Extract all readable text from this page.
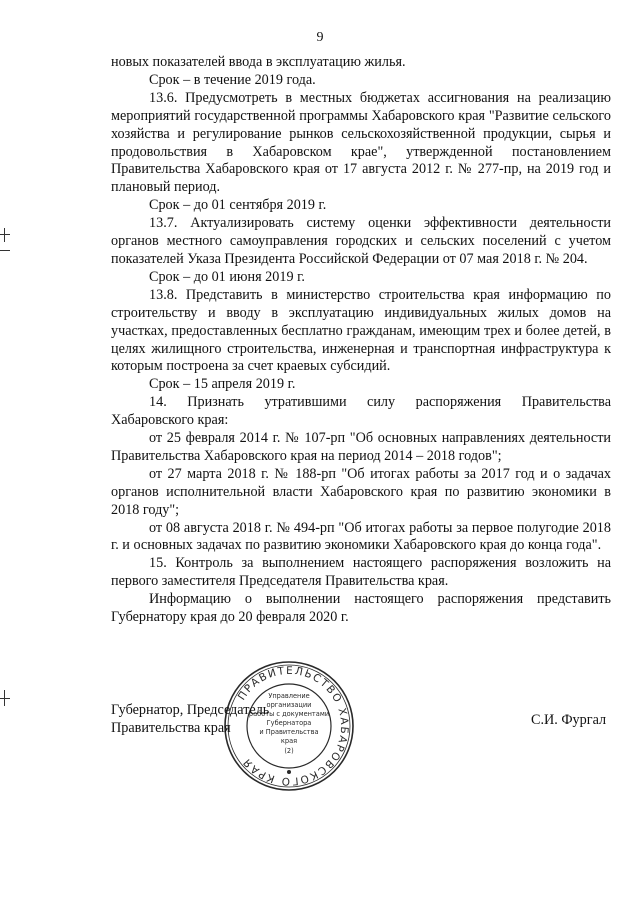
9

новых показателей ввода в эксплуатацию жилья.

Срок – в течение 2019 года.

13.6. Предусмотреть в местных бюджетах ассигнования на реализацию мероприятий государственной программы Хабаровского края "Развитие сельского хозяйства и регулирование рынков сельскохозяйственной продукции, сырья и продовольствия в Хабаровском крае", утвержденной постановлением Правительства Хабаровского края от 17 августа 2012 г. № 277-пр, на 2019 год и плановый период.

Срок – до 01 сентября 2019 г.

13.7. Актуализировать систему оценки эффективности деятельности органов местного самоуправления городских и сельских поселений с учетом показателей Указа Президента Российской Федерации от 07 мая 2018 г. № 204.

Срок – до 01 июня 2019 г.

13.8. Представить в министерство строительства края информацию по строительству и вводу в эксплуатацию индивидуальных жилых домов на участках, предоставленных бесплатно гражданам, имеющим трех и более детей, в целях жилищного строительства, инженерная и транспортная инфраструктура к которым построена за счет краевых субсидий.

Срок – 15 апреля 2019 г.

14. Признать утратившими силу распоряжения Правительства Хабаровского края:

от 25 февраля 2014 г. № 107-рп "Об основных направлениях деятельности Правительства Хабаровского края на период 2014 – 2018 годов";

от 27 марта 2018 г. № 188-рп "Об итогах работы за 2017 год и о задачах органов исполнительной власти Хабаровского края по развитию экономики в 2018 году";

от 08 августа 2018 г. № 494-рп "Об итогах работы за первое полугодие 2018 г. и основных задачах по развитию экономики Хабаровского края до конца года".

15. Контроль за выполнением настоящего распоряжения возложить на первого заместителя Председателя Правительства края.

Информацию о выполнении настоящего распоряжения представить Губернатору края до 20 февраля 2020 г.

ПРАВИТЕЛЬСТВО ХАБАРОВСКОГО КРАЯ
Управление
организации
работы с документами
Губернатора
и Правительства
края
(2)
Губернатор, Председатель
Правительства края	С.И. Фургал
